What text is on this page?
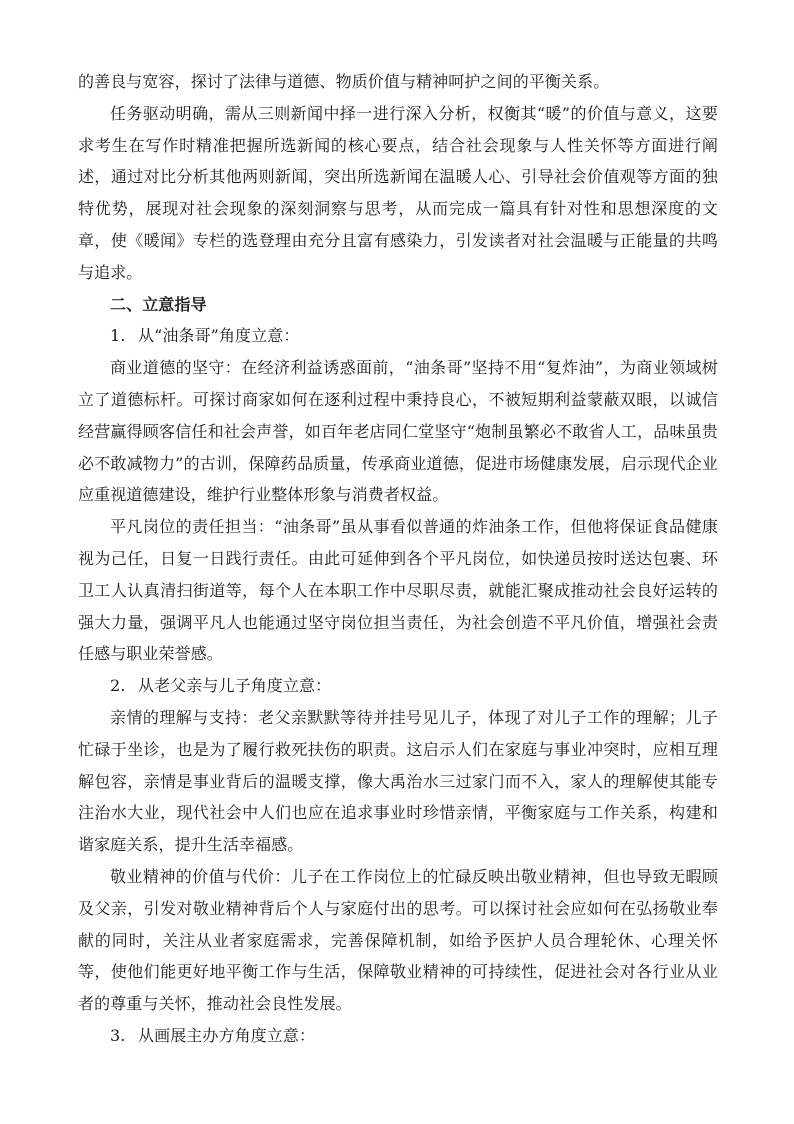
的善良与宽容，探讨了法律与道德、物质价值与精神呵护之间的平衡关系。

任务驱动明确，需从三则新闻中择一进行深入分析，权衡其“暖”的价值与意义，这要求考生在写作时精准把握所选新闻的核心要点，结合社会现象与人性关怀等方面进行阐述，通过对比分析其他两则新闻，突出所选新闻在温暖人心、引导社会价值观等方面的独特优势，展现对社会现象的深刻洞察与思考，从而完成一篇具有针对性和思想深度的文章，使《暖闻》专栏的选登理由充分且富有感染力，引发读者对社会温暖与正能量的共鸣与追求。

二、立意指导

1. 从“油条哥”角度立意：

商业道德的坚守：在经济利益诱惑面前，“油条哥”坚持不用“复炸油”，为商业领域树立了道德标杆。可探讨商家如何在逐利过程中秉持良心，不被短期利益蒙蔽双眼，以诚信经营赢得顾客信任和社会声誉，如百年老店同仁堂坚守“炮制虽繁必不敢省人工，品味虽贵必不敢减物力”的古训，保障药品质量，传承商业道德，促进市场健康发展，启示现代企业应重视道德建设，维护行业整体形象与消费者权益。

平凡岗位的责任担当：“油条哥”虽从事看似普通的炸油条工作，但他将保证食品健康视为己任，日复一日践行责任。由此可延伸到各个平凡岗位，如快递员按时送达包裹、环卫工人认真清扫街道等，每个人在本职工作中尽职尽责，就能汇聚成推动社会良好运转的强大力量，强调平凡人也能通过坚守岗位担当责任，为社会创造不平凡价值，增强社会责任感与职业荣誉感。

2. 从老父亲与儿子角度立意：

亲情的理解与支持：老父亲默默等待并挂号见儿子，体现了对儿子工作的理解；儿子忙碌于坐诊，也是为了履行救死扶伤的职责。这启示人们在家庭与事业冲突时，应相互理解包容，亲情是事业背后的温暖支撑，像大禹治水三过家门而不入，家人的理解使其能专注治水大业，现代社会中人们也应在追求事业时珍惜亲情，平衡家庭与工作关系，构建和谐家庭关系，提升生活幸福感。

敬业精神的价值与代价：儿子在工作岗位上的忙碌反映出敬业精神，但也导致无暇顾及父亲，引发对敬业精神背后个人与家庭付出的思考。可以探讨社会应如何在弘扬敬业奉献的同时，关注从业者家庭需求，完善保障机制，如给予医护人员合理轮休、心理关怀等，使他们能更好地平衡工作与生活，保障敬业精神的可持续性，促进社会对各行业从业者的尊重与关怀，推动社会良性发展。

3. 从画展主办方角度立意：
